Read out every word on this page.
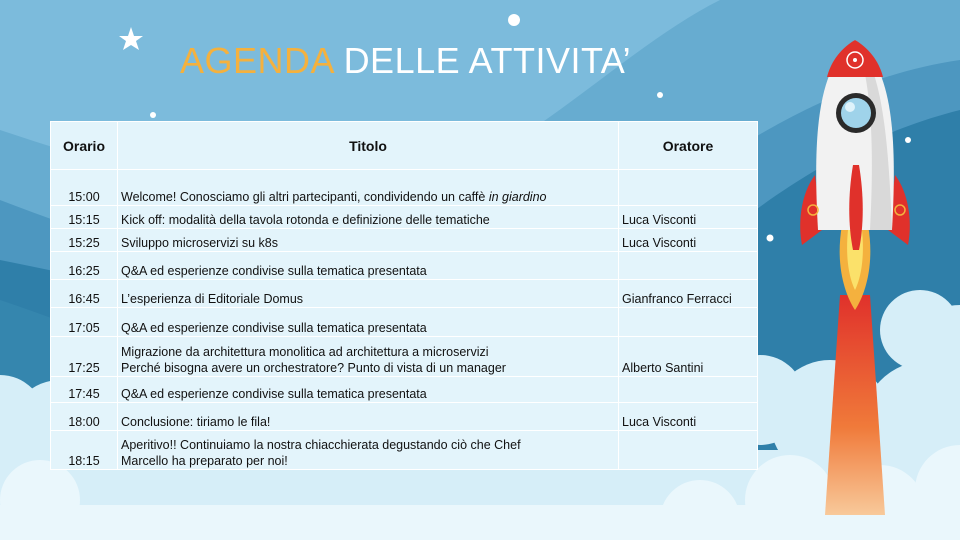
AGENDA DELLE ATTIVITA’
Orario	Titolo	Oratore
15:00	Welcome! Conosciamo gli altri partecipanti, condividendo un caffè in giardino	
15:15	Kick off: modalità della tavola rotonda e definizione delle tematiche	Luca Visconti
15:25	Sviluppo microservizi su k8s	Luca Visconti
16:25	Q&A ed esperienze condivise sulla tematica presentata	
16:45	L’esperienza di Editoriale Domus	Gianfranco Ferracci
17:05	Q&A ed esperienze condivise sulla tematica presentata	
17:25	Migrazione da architettura monolitica ad architettura a microservizi
Perché bisogna avere un orchestratore? Punto di vista di un manager	Alberto Santini
17:45	Q&A ed esperienze condivise sulla tematica presentata	
18:00	Conclusione: tiriamo le fila!	Luca Visconti
18:15	Aperitivo!! Continuiamo la nostra chiacchierata degustando ciò che Chef
Marcello ha preparato per noi!	
